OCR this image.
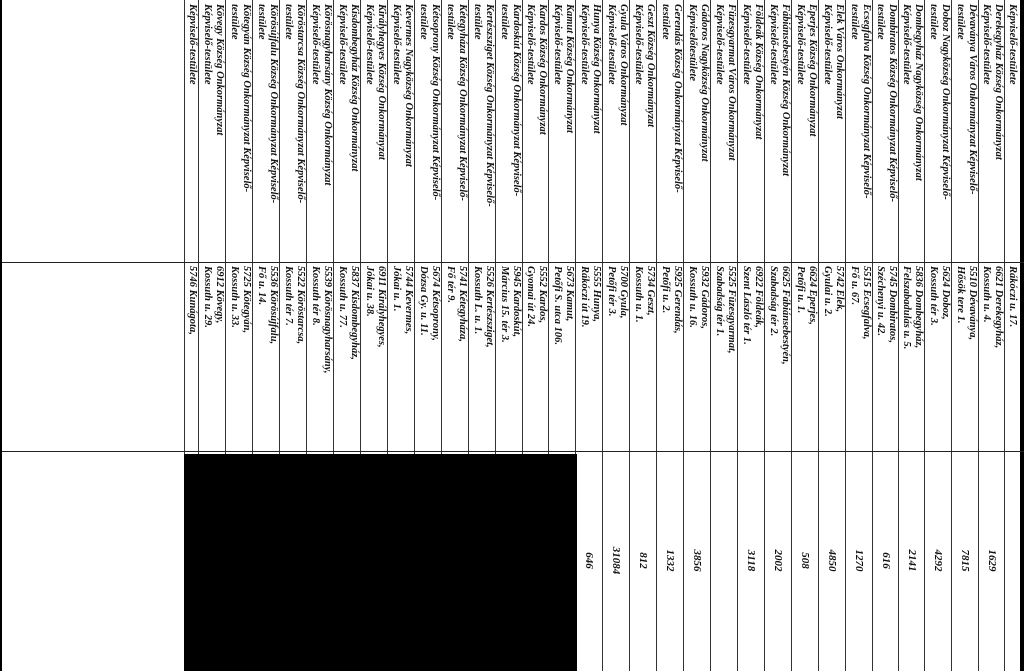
Képviselő-testülete
Rákóczi u. 17.
Derekegyház Község Önkormányzat
Képviselő-testülete
6621 Derekegyház,
Kossuth u. 4.
1629
Dévaványa Város Önkormányzat Képviselő-
testülete
5510 Dévaványa,
Hősök tere 1.
7815
Doboz Nagyközség Önkormányzat Képviselő-
testülete
5624 Doboz,
Kossuth tér 3.
4292
Dombegyház Nagyközség Önkormányzat
Képviselő-testülete
5836 Dombegyház,
Felszabadulás u. 5.
2141
Dombiratos Község Önkormányzat Képviselő-
testülete
5745 Dombiratos,
Széchenyi u. 42.
616
Ecsegfalva Község Önkormányzat Képviselő-
testülete
5515 Ecsegfalva,
Fő u. 67.
1270
Elek Város Önkormányzat
Képviselő-testülete
5742 Elek,
Gyulai u. 2.
4850
Eperjes Község Önkormányzat
Képviselő-testülete
6624 Eperjes,
Petőfi u. 1.
508
Fábiánsebestyén Község Önkormányzat
Képviselő-testülete
6625 Fábiánsebestyén,
Szabadság tér 2.
2002
Földeák Község Önkormányzat
Képviselő-testülete
6922 Földeák,
Szent László tér 1.
3118
Füzesgyarmat Város Önkormányzat
Képviselő-testülete
5525 Füzesgyarmat,
Szabadság tér 1.
Gádoros Nagyközség Önkormányzat
Képviselőtestülete
5932 Gádoros,
Kossuth u. 16.
3856
Gerendás Község Önkormányzat Képviselő-
testülete
5925 Gerendás,
Petőfi u. 2.
1332
Geszt Község Önkormányzat
Képviselő-testülete
5734 Geszt,
Kossuth u. 1.
812
Gyula Város Önkormányzat
Képviselő-testülete
5700 Gyula,
Petőfi tér 3.
31084
Hunya Község Önkormányzat
Képviselő-testülete
5555 Hunya,
Rákóczi út 19.
646
Kamut Község Önkormányzat
Képviselő-testülete
5673 Kamut,
Petőfi S. utca 106.
Kardos Község Önkormányzat
Képviselő-testülete
5552 Kardos,
Gyomai út 24.
Kardoskút Község Önkormányzat Képviselő-
testülete
5945 Kardoskút,
Március 15. tér 3.
Kertészsziget Község Önkormányzat Képviselő-
testülete
5526 Kertészsziget,
Kossuth L. u. 1.
Kétegyháza Község Önkormányzat Képviselő-
testülete
5741 Kétegyháza,
Fő tér 9.
Kétsoprony Község Önkormányzat Képviselő-
testülete
5674 Kétsoprony,
Dózsa Gy. u. 11.
Kevermes Nagyközség Önkormányzat
Képviselő-testülete
5744 Kevermes,
Jókai u. 1.
Királyhegyes Község Önkormányzat
Képviselő-testülete
6911 Királyhegyes,
Jókai u. 38.
Kisdombegyház Község Önkormányzat
Képviselő-testülete
5837 Kisdombegyház,
Kossuth u. 77.
Körösnagyharsány Község Önkormányzat
Képviselő-testülete
5539 Körösnagyharsány,
Kossuth tér 8.
Köröstarcsa Község Önkormányzat Képviselő-
testülete
5522 Köröstarcsa,
Kossuth tér 7.
Körösújfalu Község Önkormányzat Képviselő-
testülete
5536 Körösújfalu,
Fő u. 14.
Kötegyán Község Önkormányzat Képviselő-
testülete
5725 Kötegyán,
Kossuth u. 33.
Kövegy Község Önkormányzat
Képviselő-testülete
6912 Kövegy,
Kossuth u. 29.
Képviselő-testülete
5746 Kunágota,
